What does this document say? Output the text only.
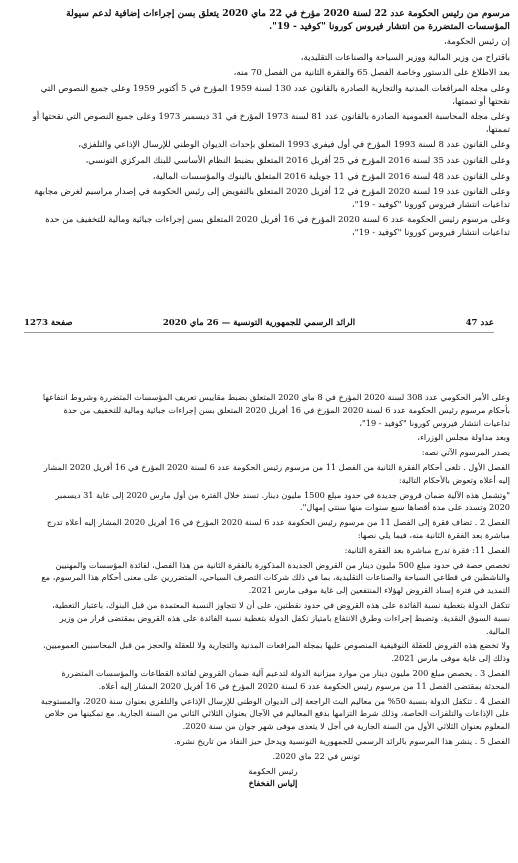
مرسوم من رئيس الحكومة عدد 22 لسنة 2020 مؤرخ في 22 ماي 2020 يتعلق بسن إجراءات إضافية لدعم سيولة المؤسسات المتضررة من انتشار فيروس كورونا "كوفيد - 19".

إن رئيس الحكومة،

باقتراح من وزير المالية ووزير السياحة والصناعات التقليدية،

بعد الاطلاع على الدستور وخاصة الفصل 65 والفقرة الثانية من الفصل 70 منه،

وعلى مجلة المرافعات المدنية والتجارية الصادرة بالقانون عدد 130 لسنة 1959 المؤرخ في 5 أكتوبر 1959 وعلى جميع النصوص التي نقحتها أو تممتها،

وعلى مجلة المحاسبة العمومية الصادرة بالقانون عدد 81 لسنة 1973 المؤرخ في 31 ديسمبر 1973 وعلى جميع النصوص التي نقحتها أو تممتها،

وعلى القانون عدد 8 لسنة 1993 المؤرخ في أول فيفري 1993 المتعلق بإحداث الديوان الوطني للإرسال الإذاعي والتلفزي،

وعلى القانون عدد 35 لسنة 2016 المؤرخ في 25 أفريل 2016 المتعلق بضبط النظام الأساسي للبنك المركزي التونسي،

وعلى القانون عدد 48 لسنة 2016 المؤرخ في 11 جويلية 2016 المتعلق بالبنوك والمؤسسات المالية،

وعلى القانون عدد 19 لسنة 2020 المؤرخ في 12 أفريل 2020 المتعلق بالتفويض إلى رئيس الحكومة في إصدار مراسيم لغرض مجابهة تداعيات انتشار فيروس كورونا "كوفيد - 19"،

وعلى مرسوم رئيس الحكومة عدد 6 لسنة 2020 المؤرخ في 16 أفريل 2020 المتعلق بسن إجراءات جبائية ومالية للتخفيف من حدة تداعيات انتشار فيروس كورونا "كوفيد - 19"،

الرائد الرسمي للجمهورية التونسية — 26 ماي 2020
صفحة 1273	عدد 47

وعلى الأمر الحكومي عدد 308 لسنة 2020 المؤرخ في 8 ماي 2020 المتعلق بضبط مقاييس تعريف المؤسسات المتضررة وشروط انتفاعها بأحكام مرسوم رئيس الحكومة عدد 6 لسنة 2020 المؤرخ في 16 أفريل 2020 المتعلق بسن إجراءات جبائية ومالية للتخفيف من حدة تداعيات انتشار فيروس كورونا "كوفيد - 19"،

وبعد مداولة مجلس الوزراء،

يصدر المرسوم الآتي نصه:

الفصل الأول . تلغى أحكام الفقرة الثانية من الفصل 11 من مرسوم رئيس الحكومة عدد 6 لسنة 2020 المؤرخ في 16 أفريل 2020 المشار إليه أعلاه وتعوض بالأحكام التالية:

"وتشمل هذه الآلية ضمان قروض جديدة في حدود مبلغ 1500 مليون دينار. تسند خلال الفترة من أول مارس 2020 إلى غاية 31 ديسمبر 2020 وتسدد على مدة أقصاها سبع سنوات منها سنتي إمهال".

الفصل 2 . تضاف فقرة إلى الفصل 11 من مرسوم رئيس الحكومة عدد 6 لسنة 2020 المؤرخ في 16 أفريل 2020 المشار إليه أعلاه تدرج مباشرة بعد الفقرة الثانية منه، فيما يلي نصها:

الفصل 11: فقرة تدرج مباشرة بعد الفقرة الثانية:

تخصص حصة في حدود مبلغ 500 مليون دينار من القروض الجديدة المذكورة بالفقرة الثانية من هذا الفصل، لفائدة المؤسسات والمهنيين والناشطين في قطاعي السياحة والصناعات التقليدية، بما في ذلك شركات التصرف السياحي، المتضررين على معنى أحكام هذا المرسوم، مع التمديد في فترة إسناد القروض لهؤلاء المنتفعين إلى غاية موفى مارس 2021.

تتكفل الدولة بتغطية نسبة الفائدة على هذه القروض في حدود نقطتين، على أن لا تتجاوز النسبة المعتمدة من قبل البنوك، باعتبار التغطية، نسبة السوق النقدية. وتضبط إجراءات وطرق الانتفاع بامتياز تكفل الدولة بتغطية نسبة الفائدة على هذه القروض بمقتضى قرار من وزير المالية.

ولا تخضع هذه القروض للعقلة التوقيفية المنصوص عليها بمجلة المرافعات المدنية والتجارية ولا للعقلة والحجز من قبل المحاسبين العموميين، وذلك إلى غاية موفى مارس 2021.

الفصل 3 . يخصص مبلغ 200 مليون دينار من موارد ميزانية الدولة لتدعيم آلية ضمان القروض لفائدة القطاعات والمؤسسات المتضررة المحدثة بمقتضى الفصل 11 من مرسوم رئيس الحكومة عدد 6 لسنة 2020 المؤرخ في 16 أفريل 2020 المشار إليه أعلاه.

الفصل 4 . تتكفل الدولة بنسبة 50% من معاليم البث الراجعة إلى الديوان الوطني للإرسال الإذاعي والتلفزي بعنوان سنة 2020، والمستوجبة على الإذاعات والتلفزات الخاصة، وذلك شرط التزامها بدفع المعاليم في الآجال بعنوان الثلاثي الثاني من السنة الجارية. مع تمكينها من خلاص المعلوم بعنوان الثلاثي الأول من السنة الجارية في أجل لا يتعدى موفى شهر جوان من سنة 2020.

الفصل 5 . ينشر هذا المرسوم بالرائد الرسمي للجمهورية التونسية ويدخل حيز النفاذ من تاريخ نشره.

تونس في 22 ماي 2020.

رئيس الحكومة

إلياس الفخفاخ
